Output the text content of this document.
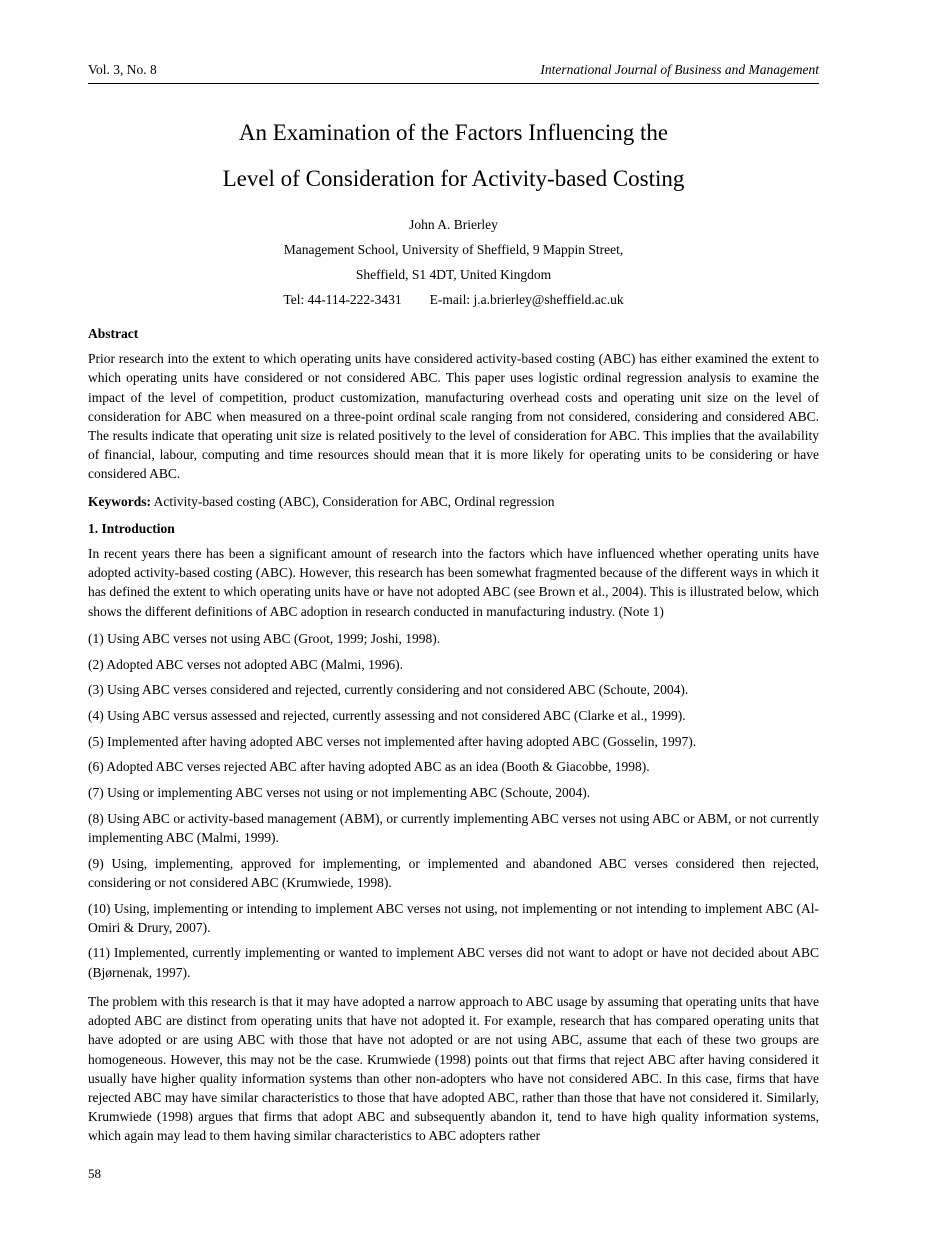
Vol. 3, No. 8	International Journal of Business and Management
An Examination of the Factors Influencing the
Level of Consideration for Activity-based Costing
John A. Brierley
Management School, University of Sheffield, 9 Mappin Street,
Sheffield, S1 4DT, United Kingdom
Tel: 44-114-222-3431 E-mail: j.a.brierley@sheffield.ac.uk
Abstract

Prior research into the extent to which operating units have considered activity-based costing (ABC) has either examined the extent to which operating units have considered or not considered ABC. This paper uses logistic ordinal regression analysis to examine the impact of the level of competition, product customization, manufacturing overhead costs and operating unit size on the level of consideration for ABC when measured on a three-point ordinal scale ranging from not considered, considering and considered ABC. The results indicate that operating unit size is related positively to the level of consideration for ABC. This implies that the availability of financial, labour, computing and time resources should mean that it is more likely for operating units to be considering or have considered ABC.

Keywords: Activity-based costing (ABC), Consideration for ABC, Ordinal regression

1. Introduction

In recent years there has been a significant amount of research into the factors which have influenced whether operating units have adopted activity-based costing (ABC). However, this research has been somewhat fragmented because of the different ways in which it has defined the extent to which operating units have or have not adopted ABC (see Brown et al., 2004). This is illustrated below, which shows the different definitions of ABC adoption in research conducted in manufacturing industry. (Note 1)

(1) Using ABC verses not using ABC (Groot, 1999; Joshi, 1998).

(2) Adopted ABC verses not adopted ABC (Malmi, 1996).

(3) Using ABC verses considered and rejected, currently considering and not considered ABC (Schoute, 2004).

(4) Using ABC versus assessed and rejected, currently assessing and not considered ABC (Clarke et al., 1999).

(5) Implemented after having adopted ABC verses not implemented after having adopted ABC (Gosselin, 1997).

(6) Adopted ABC verses rejected ABC after having adopted ABC as an idea (Booth & Giacobbe, 1998).

(7) Using or implementing ABC verses not using or not implementing ABC (Schoute, 2004).

(8) Using ABC or activity-based management (ABM), or currently implementing ABC verses not using ABC or ABM, or not currently implementing ABC (Malmi, 1999).

(9) Using, implementing, approved for implementing, or implemented and abandoned ABC verses considered then rejected, considering or not considered ABC (Krumwiede, 1998).

(10) Using, implementing or intending to implement ABC verses not using, not implementing or not intending to implement ABC (Al-Omiri & Drury, 2007).

(11) Implemented, currently implementing or wanted to implement ABC verses did not want to adopt or have not decided about ABC (Bjørnenak, 1997).

The problem with this research is that it may have adopted a narrow approach to ABC usage by assuming that operating units that have adopted ABC are distinct from operating units that have not adopted it. For example, research that has compared operating units that have adopted or are using ABC with those that have not adopted or are not using ABC, assume that each of these two groups are homogeneous. However, this may not be the case. Krumwiede (1998) points out that firms that reject ABC after having considered it usually have higher quality information systems than other non-adopters who have not considered ABC. In this case, firms that have rejected ABC may have similar characteristics to those that have adopted ABC, rather than those that have not considered it. Similarly, Krumwiede (1998) argues that firms that adopt ABC and subsequently abandon it, tend to have high quality information systems, which again may lead to them having similar characteristics to ABC adopters rather

58
